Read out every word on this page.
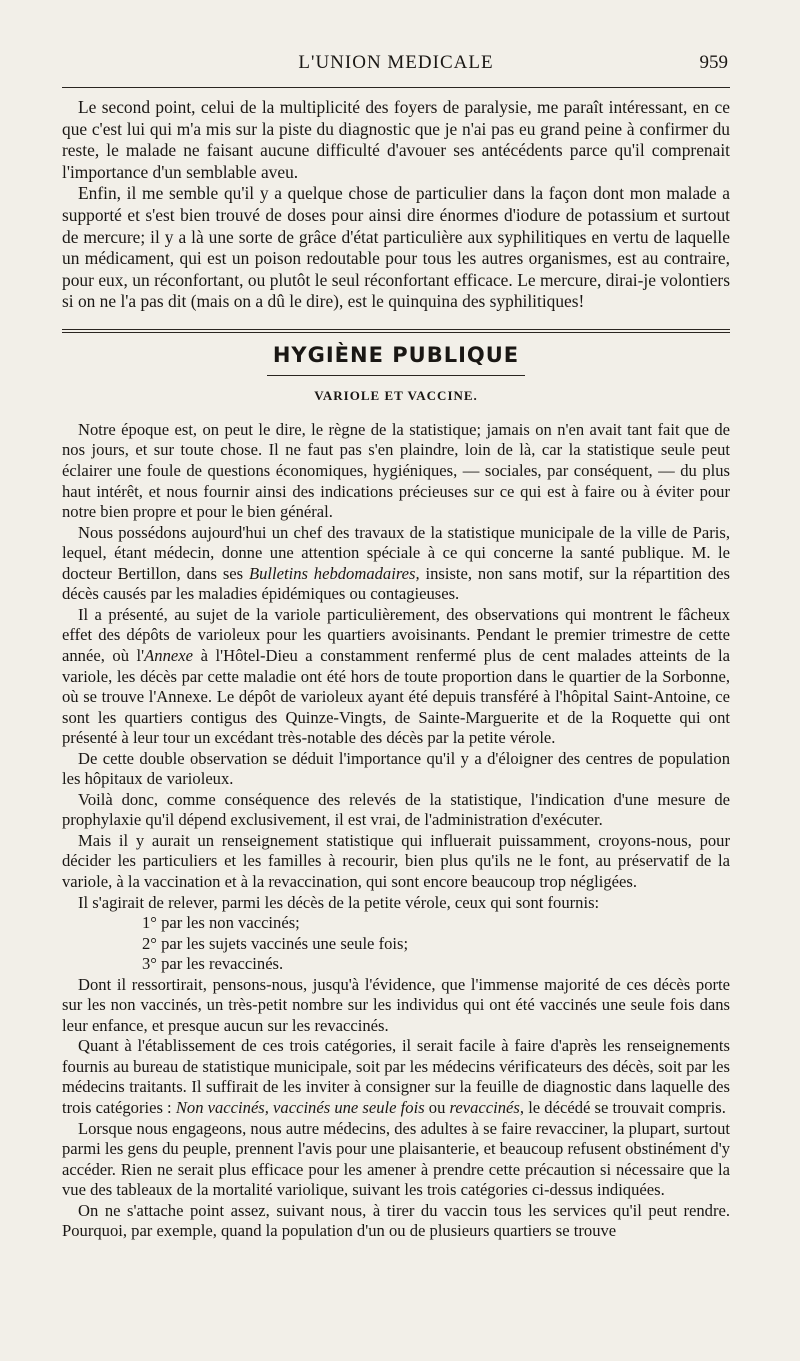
L'UNION MEDICALE	959

Le second point, celui de la multiplicité des foyers de paralysie, me paraît intéressant, en ce que c'est lui qui m'a mis sur la piste du diagnostic que je n'ai pas eu grand peine à confirmer du reste, le malade ne faisant aucune difficulté d'avouer ses antécédents parce qu'il comprenait l'importance d'un semblable aveu.

Enfin, il me semble qu'il y a quelque chose de particulier dans la façon dont mon malade a supporté et s'est bien trouvé de doses pour ainsi dire énormes d'iodure de potassium et surtout de mercure; il y a là une sorte de grâce d'état particulière aux syphilitiques en vertu de laquelle un médicament, qui est un poison redoutable pour tous les autres organismes, est au contraire, pour eux, un réconfortant, ou plutôt le seul réconfortant efficace. Le mercure, dirai-je volontiers si on ne l'a pas dit (mais on a dû le dire), est le quinquina des syphilitiques!

HYGIÈNE PUBLIQUE
VARIOLE ET VACCINE.

Notre époque est, on peut le dire, le règne de la statistique; jamais on n'en avait tant fait que de nos jours, et sur toute chose. Il ne faut pas s'en plaindre, loin de là, car la statistique seule peut éclairer une foule de questions économiques, hygiéniques, — sociales, par conséquent, — du plus haut intérêt, et nous fournir ainsi des indications précieuses sur ce qui est à faire ou à éviter pour notre bien propre et pour le bien général.

Nous possédons aujourd'hui un chef des travaux de la statistique municipale de la ville de Paris, lequel, étant médecin, donne une attention spéciale à ce qui concerne la santé publique. M. le docteur Bertillon, dans ses Bulletins hebdomadaires, insiste, non sans motif, sur la répartition des décès causés par les maladies épidémiques ou contagieuses.

Il a présenté, au sujet de la variole particulièrement, des observations qui montrent le fâcheux effet des dépôts de varioleux pour les quartiers avoisinants. Pendant le premier trimestre de cette année, où l'Annexe à l'Hôtel-Dieu a constamment renfermé plus de cent malades atteints de la variole, les décès par cette maladie ont été hors de toute proportion dans le quartier de la Sorbonne, où se trouve l'Annexe. Le dépôt de varioleux ayant été depuis transféré à l'hôpital Saint-Antoine, ce sont les quartiers contigus des Quinze-Vingts, de Sainte-Marguerite et de la Roquette qui ont présenté à leur tour un excédant très-notable des décès par la petite vérole.

De cette double observation se déduit l'importance qu'il y a d'éloigner des centres de population les hôpitaux de varioleux.

Voilà donc, comme conséquence des relevés de la statistique, l'indication d'une mesure de prophylaxie qu'il dépend exclusivement, il est vrai, de l'administration d'exécuter.

Mais il y aurait un renseignement statistique qui influerait puissamment, croyons-nous, pour décider les particuliers et les familles à recourir, bien plus qu'ils ne le font, au préservatif de la variole, à la vaccination et à la revaccination, qui sont encore beaucoup trop négligées.

Il s'agirait de relever, parmi les décès de la petite vérole, ceux qui sont fournis:

1° par les non vaccinés;
2° par les sujets vaccinés une seule fois;
3° par les revaccinés.

Dont il ressortirait, pensons-nous, jusqu'à l'évidence, que l'immense majorité de ces décès porte sur les non vaccinés, un très-petit nombre sur les individus qui ont été vaccinés une seule fois dans leur enfance, et presque aucun sur les revaccinés.

Quant à l'établissement de ces trois catégories, il serait facile à faire d'après les renseignements fournis au bureau de statistique municipale, soit par les médecins vérificateurs des décès, soit par les médecins traitants. Il suffirait de les inviter à consigner sur la feuille de diagnostic dans laquelle des trois catégories : Non vaccinés, vaccinés une seule fois ou revaccinés, le décédé se trouvait compris.

Lorsque nous engageons, nous autre médecins, des adultes à se faire revacciner, la plupart, surtout parmi les gens du peuple, prennent l'avis pour une plaisanterie, et beaucoup refusent obstinément d'y accéder. Rien ne serait plus efficace pour les amener à prendre cette précaution si nécessaire que la vue des tableaux de la mortalité variolique, suivant les trois catégories ci-dessus indiquées.

On ne s'attache point assez, suivant nous, à tirer du vaccin tous les services qu'il peut rendre. Pourquoi, par exemple, quand la population d'un ou de plusieurs quartiers se trouve
